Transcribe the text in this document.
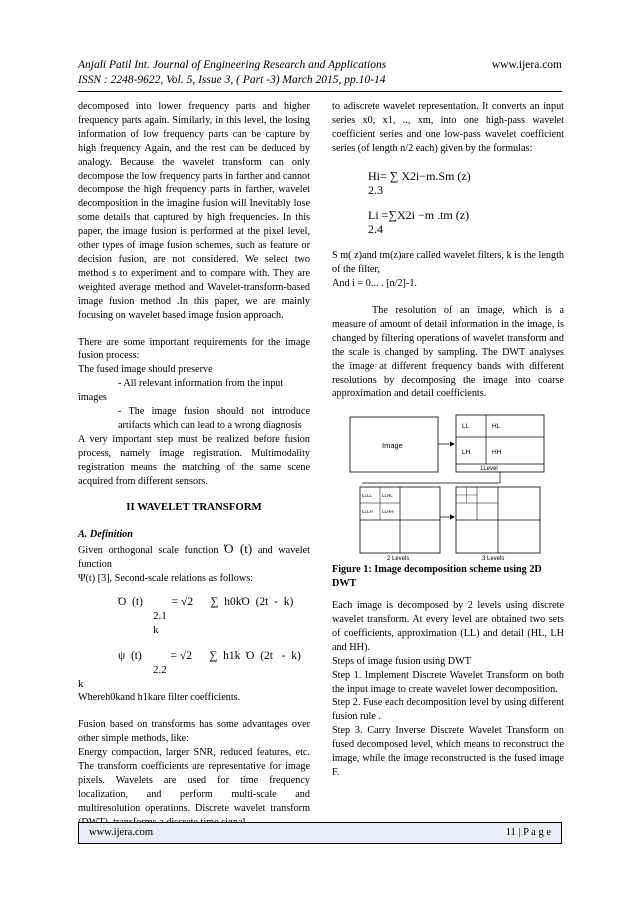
Anjali Patil Int. Journal of Engineering Research and Applications
ISSN : 2248-9622, Vol. 5, Issue 3, ( Part -3) March 2015, pp.10-14
www.ijera.com

decomposed into lower frequency parts and higher frequency parts again. Similarly, in this level, the losing information of low frequency parts can be capture by high frequency Again, and the rest can be deduced by analogy. Because the wavelet transform can only decompose the low frequency parts in farther and cannot decompose the high frequency parts in farther, wavelet decomposition in the imagine fusion will Inevitably lose some details that captured by high frequencies. In this paper, the image fusion is performed at the pixel level, other types of image fusion schemes, such as feature or decision fusion, are not considered. We select two method s to experiment and to compare with. They are weighted average method and Wavelet-transform-based image fusion method .In this paper, we are mainly focusing on wavelet based image fusion approach.

There are some important requirements for the image fusion process:

The fused image should preserve

- All relevant information from the input

images

- The image fusion should not introduce artifacts which can lead to a wrong diagnosis

A very important step must be realized before fusion process, namely image registration. Multimodality registration means the matching of the same scene acquired from different sensors.

II WAVELET TRANSFORM

A. Definition

Given orthogonal scale function Ό (t) and wavelet function

Ψ(t) [3], Second-scale relations as follows:

Ό  (t)          = √2      ∑  h0kΌ  (2t  -  k)
2.1
k
ψ  (t)          = √2      ∑  h1k  Ό  (2t   -  k)
2.2
k

Whereh0kand h1kare filter coefficients.

Fusion based on transforms has some advantages over other simple methods, like:

Energy compaction, larger SNR, reduced features, etc. The transform coefficients are representative for image pixels. Wavelets are used for time frequency localization, and perform multi-scale and multiresolution operations. Discrete wavelet transform

to adiscrete wavelet representation. It converts an input series x0, x1, .., xm, into one high-pass wavelet coefficient series and one low-pass wavelet coefficient series (of length n/2 each) given by the formulas:

Hi= ∑ X2i−m.Sm (z)
2.3
Li =∑X2i −m .tm (z)
2.4

S m( z)and tm(z)are called wavelet filters, k is the length of the filter,

And i = 0... . [n/2]-1.

The resolution of an image, which is a measure of amount of detail information in the image, is changed by filtering operations of wavelet transform and the scale is changed by sampling. The DWT analyses the image at different frequency bands with different resolutions by decomposing the image into coarse approximation and detail coefficients.

Image
LL	HL
LH	HH
1Level
LLLL LLHL
LLLH LLHH
2 Levels	3 Levels

Figure 1: Image decomposition scheme using 2D DWT

Each image is decomposed by 2 levels using discrete wavelet transform. At every level are obtained two sets of coefficients, approximation (LL) and detail (HL, LH and HH).

Steps of image fusion using DWT

Step 1. Implement Discrete Wavelet Transform on both the input image to create wavelet lower decomposition.

Step 2. Fuse each decomposition level by using different fusion rule .

Step 3. Carry Inverse Discrete Wavelet Transform on fused decomposed level, which means to reconstruct the image, while the image reconstructed is the fused image F.

www.ijera.com	11 | P a g e
